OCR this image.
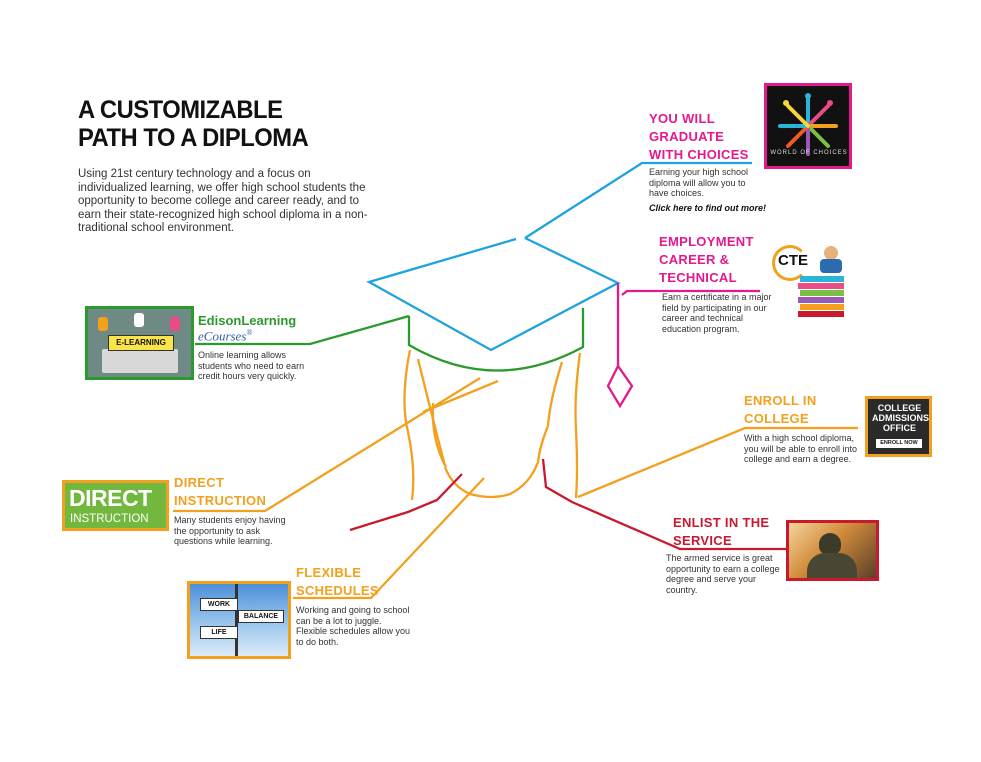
A CUSTOMIZABLE
PATH TO A DIPLOMA
Using 21st century technology and a focus on individualized learning, we offer high school students the opportunity to become college and career ready, and to earn their state-recognized high school diploma in a non-traditional school environment.
YOU WILL
GRADUATE
WITH CHOICES
Earning your high school diploma will allow you to have choices.
Click here to find out more!
WORLD OF CHOICES
EMPLOYMENT
CAREER &
TECHNICAL
Earn a certificate in a major field by participating in our career and technical education program.
CTE
E-LEARNING
EdisonLearning
eCourses®
Online learning allows students who need to earn credit hours very quickly.
ENROLL IN
COLLEGE
With a high school diploma, you will be able to enroll into college and earn a degree.
COLLEGE
ADMISSIONS
OFFICE
ENROLL NOW
DIRECT
INSTRUCTION
DIRECT
INSTRUCTION
Many students enjoy having the opportunity to ask questions while learning.
ENLIST IN THE
SERVICE
The armed service is great opportunity to earn a college degree and serve your country.
WORK
BALANCE
LIFE
FLEXIBLE
SCHEDULES
Working and going to school can be a lot to juggle. Flexible schedules allow you to do both.
